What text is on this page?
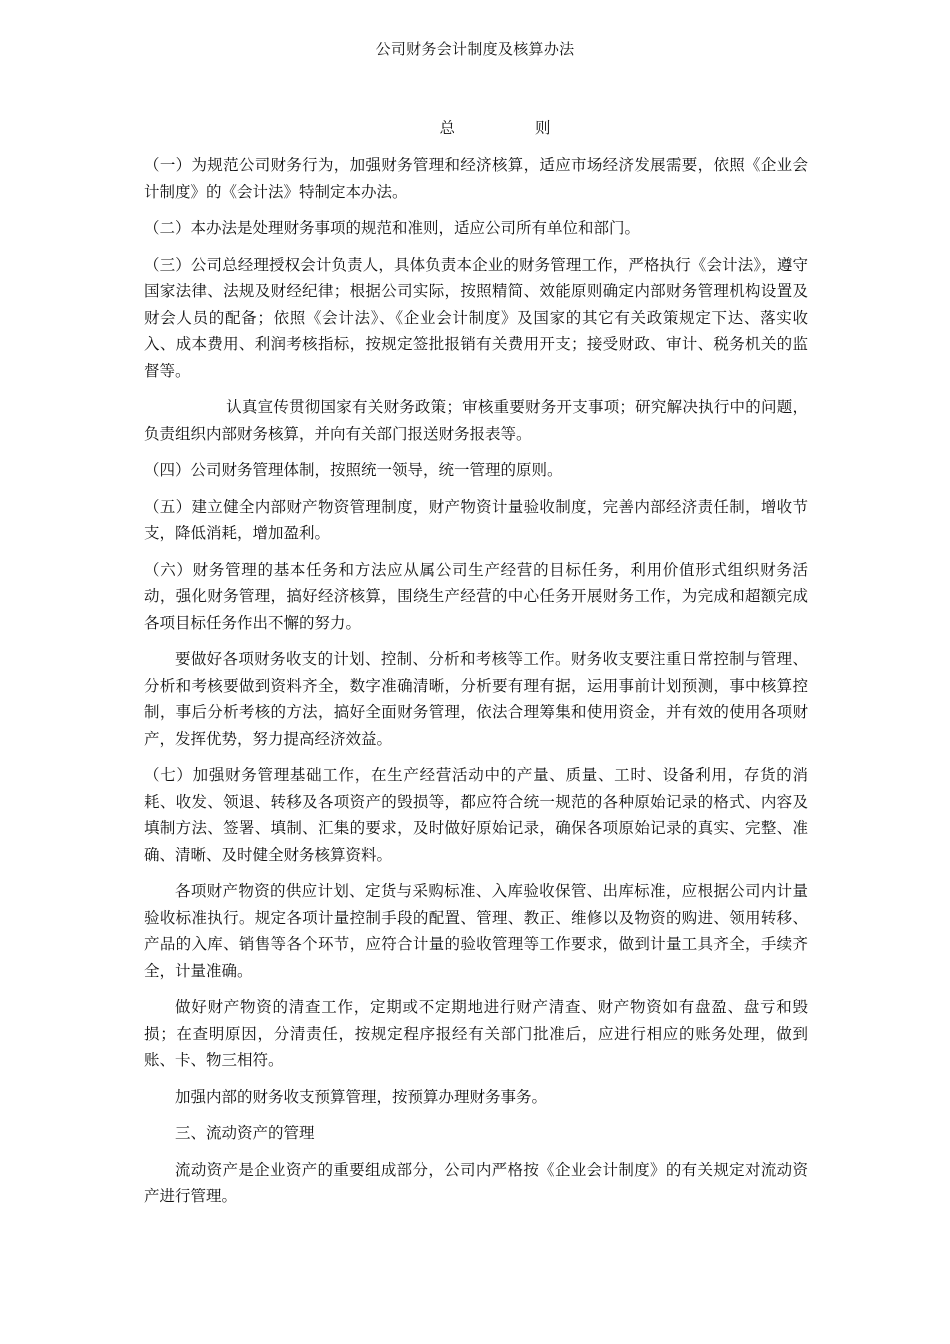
公司财务会计制度及核算办法
总	则

（一）为规范公司财务行为，加强财务管理和经济核算，适应市场经济发展需要，依照《企业会计制度》的《会计法》特制定本办法。

（二）本办法是处理财务事项的规范和准则，适应公司所有单位和部门。

（三）公司总经理授权会计负责人，具体负责本企业的财务管理工作，严格执行《会计法》，遵守国家法律、法规及财经纪律；根据公司实际，按照精简、效能原则确定内部财务管理机构设置及财会人员的配备；依照《会计法》、《企业会计制度》及国家的其它有关政策规定下达、落实收入、成本费用、利润考核指标，按规定签批报销有关费用开支；接受财政、审计、税务机关的监督等。

认真宣传贯彻国家有关财务政策；审核重要财务开支事项；研究解决执行中的问题，负责组织内部财务核算，并向有关部门报送财务报表等。

（四）公司财务管理体制，按照统一领导，统一管理的原则。

（五）建立健全内部财产物资管理制度，财产物资计量验收制度，完善内部经济责任制，增收节支，降低消耗，增加盈利。

（六）财务管理的基本任务和方法应从属公司生产经营的目标任务，利用价值形式组织财务活动，强化财务管理，搞好经济核算，围绕生产经营的中心任务开展财务工作，为完成和超额完成各项目标任务作出不懈的努力。

要做好各项财务收支的计划、控制、分析和考核等工作。财务收支要注重日常控制与管理、分析和考核要做到资料齐全，数字准确清晰，分析要有理有据，运用事前计划预测，事中核算控制，事后分析考核的方法，搞好全面财务管理，依法合理筹集和使用资金，并有效的使用各项财产，发挥优势，努力提高经济效益。

（七）加强财务管理基础工作，在生产经营活动中的产量、质量、工时、设备利用，存货的消耗、收发、领退、转移及各项资产的毁损等，都应符合统一规范的各种原始记录的格式、内容及填制方法、签署、填制、汇集的要求，及时做好原始记录，确保各项原始记录的真实、完整、准确、清晰、及时健全财务核算资料。

各项财产物资的供应计划、定货与采购标准、入库验收保管、出库标准，应根据公司内计量验收标准执行。规定各项计量控制手段的配置、管理、教正、维修以及物资的购进、领用转移、产品的入库、销售等各个环节，应符合计量的验收管理等工作要求，做到计量工具齐全，手续齐全，计量准确。

做好财产物资的清查工作，定期或不定期地进行财产清查、财产物资如有盘盈、盘亏和毁损；在查明原因，分清责任，按规定程序报经有关部门批准后，应进行相应的账务处理，做到账、卡、物三相符。

加强内部的财务收支预算管理，按预算办理财务事务。

三、流动资产的管理

流动资产是企业资产的重要组成部分，公司内严格按《企业会计制度》的有关规定对流动资产进行管理。
